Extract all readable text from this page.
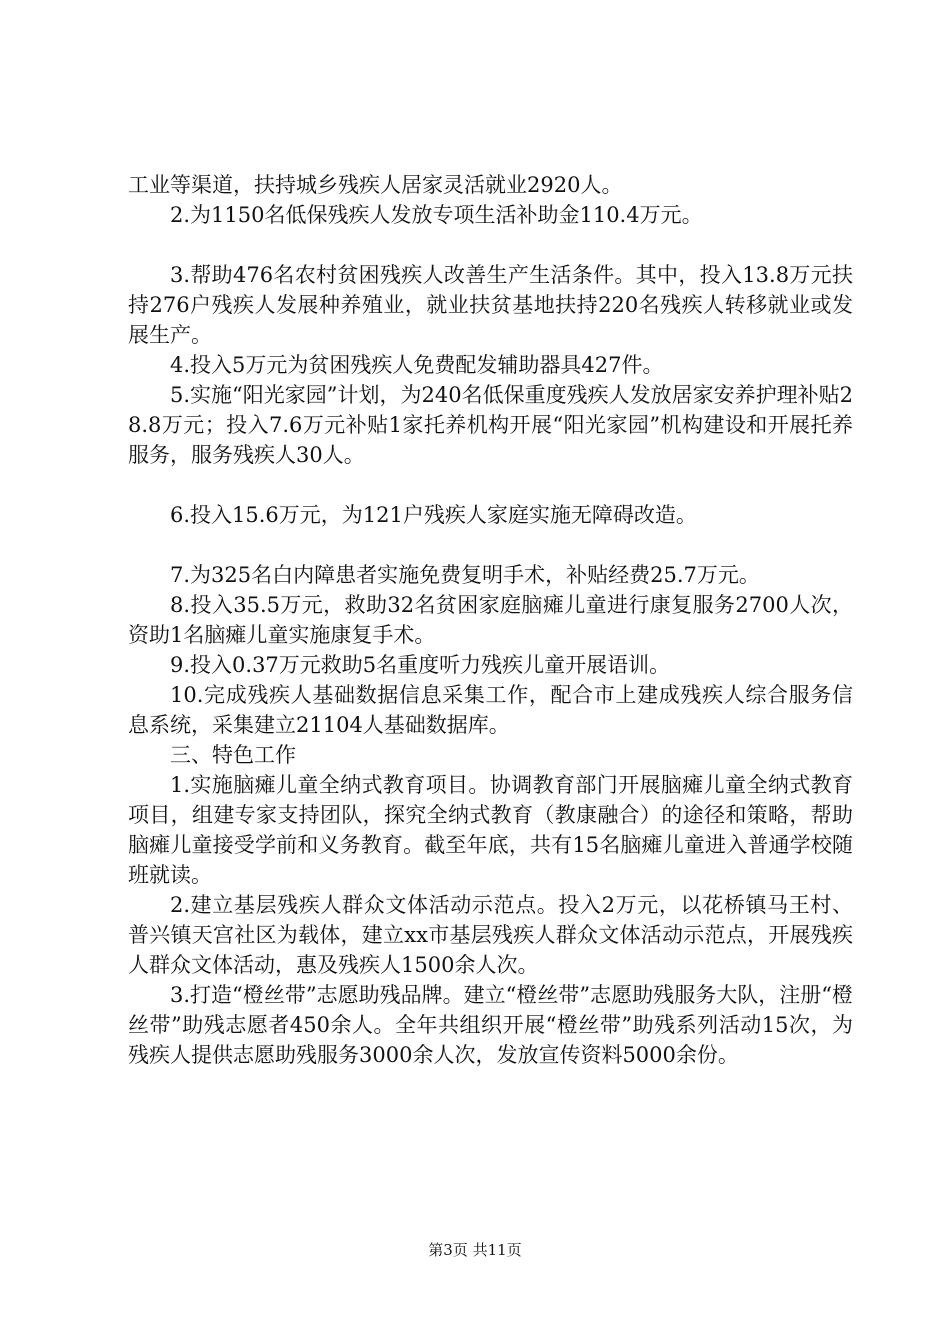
工业等渠道，扶持城乡残疾人居家灵活就业2920人。

2.为1150名低保残疾人发放专项生活补助金110.4万元。

3.帮助476名农村贫困残疾人改善生产生活条件。其中，投入13.8万元扶持276户残疾人发展种养殖业，就业扶贫基地扶持220名残疾人转移就业或发展生产。

4.投入5万元为贫困残疾人免费配发辅助器具427件。

5.实施“阳光家园”计划，为240名低保重度残疾人发放居家安养护理补贴28.8万元；投入7.6万元补贴1家托养机构开展“阳光家园”机构建设和开展托养服务，服务残疾人30人。

6.投入15.6万元，为121户残疾人家庭实施无障碍改造。

7.为325名白内障患者实施免费复明手术，补贴经费25.7万元。

8.投入35.5万元，救助32名贫困家庭脑瘫儿童进行康复服务2700人次，资助1名脑瘫儿童实施康复手术。

9.投入0.37万元救助5名重度听力残疾儿童开展语训。

10.完成残疾人基础数据信息采集工作，配合市上建成残疾人综合服务信息系统，采集建立21104人基础数据库。

三、特色工作

1.实施脑瘫儿童全纳式教育项目。协调教育部门开展脑瘫儿童全纳式教育项目，组建专家支持团队，探究全纳式教育（教康融合）的途径和策略，帮助脑瘫儿童接受学前和义务教育。截至年底，共有15名脑瘫儿童进入普通学校随班就读。

2.建立基层残疾人群众文体活动示范点。投入2万元，以花桥镇马王村、普兴镇天宫社区为载体，建立xx市基层残疾人群众文体活动示范点，开展残疾人群众文体活动，惠及残疾人1500余人次。

3.打造“橙丝带”志愿助残品牌。建立“橙丝带”志愿助残服务大队，注册“橙丝带”助残志愿者450余人。全年共组织开展“橙丝带”助残系列活动15次，为残疾人提供志愿助残服务3000余人次，发放宣传资料5000余份。

第3页 共11页
